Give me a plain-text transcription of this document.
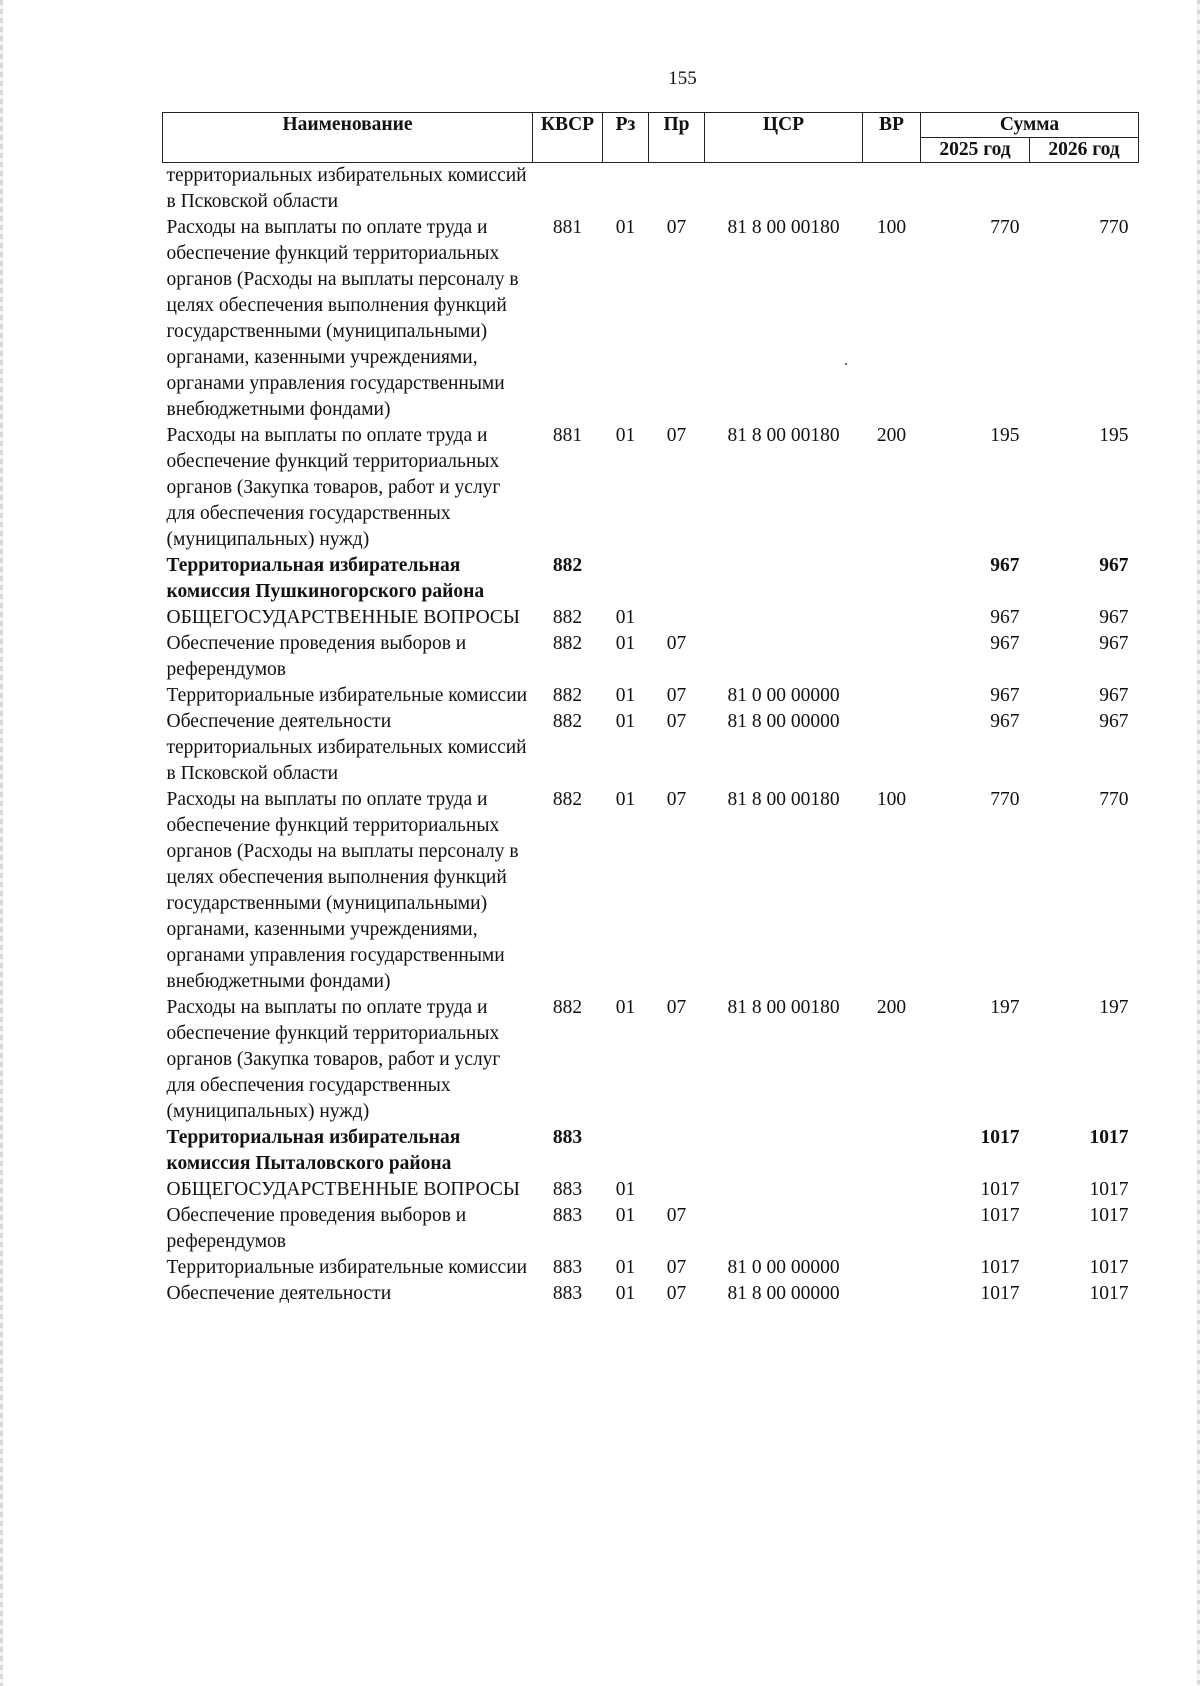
155
Наименование	КВСР	Рз	Пр	ЦСР	ВР	Сумма	
						2025 год	2026 год
территориальных избирательных комиссий в Псковской области							
Расходы на выплаты по оплате труда и обеспечение функций территориальных органов (Расходы на выплаты персоналу в целях обеспечения выполнения функций государственными (муниципальными) органами, казенными учреждениями, органами управления государственными внебюджетными фондами)	881	01	07	81 8 00 00180	100	770	770
Расходы на выплаты по оплате труда и обеспечение функций территориальных органов (Закупка товаров, работ и услуг для обеспечения государственных (муниципальных) нужд)	881	01	07	81 8 00 00180	200	195	195
Территориальная избирательная комиссия Пушкиногорского района	882					967	967
ОБЩЕГОСУДАРСТВЕННЫЕ ВОПРОСЫ	882	01				967	967
Обеспечение проведения выборов и референдумов	882	01	07			967	967
Территориальные избирательные комиссии	882	01	07	81 0 00 00000		967	967
Обеспечение деятельности территориальных избирательных комиссий в Псковской области	882	01	07	81 8 00 00000		967	967
Расходы на выплаты по оплате труда и обеспечение функций территориальных органов (Расходы на выплаты персоналу в целях обеспечения выполнения функций государственными (муниципальными) органами, казенными учреждениями, органами управления государственными внебюджетными фондами)	882	01	07	81 8 00 00180	100	770	770
Расходы на выплаты по оплате труда и обеспечение функций территориальных органов (Закупка товаров, работ и услуг для обеспечения государственных (муниципальных) нужд)	882	01	07	81 8 00 00180	200	197	197
Территориальная избирательная комиссия Пыталовского района	883					1017	1017
ОБЩЕГОСУДАРСТВЕННЫЕ ВОПРОСЫ	883	01				1017	1017
Обеспечение проведения выборов и референдумов	883	01	07			1017	1017
Территориальные избирательные комиссии	883	01	07	81 0 00 00000		1017	1017
Обеспечение деятельности	883	01	07	81 8 00 00000		1017	1017
